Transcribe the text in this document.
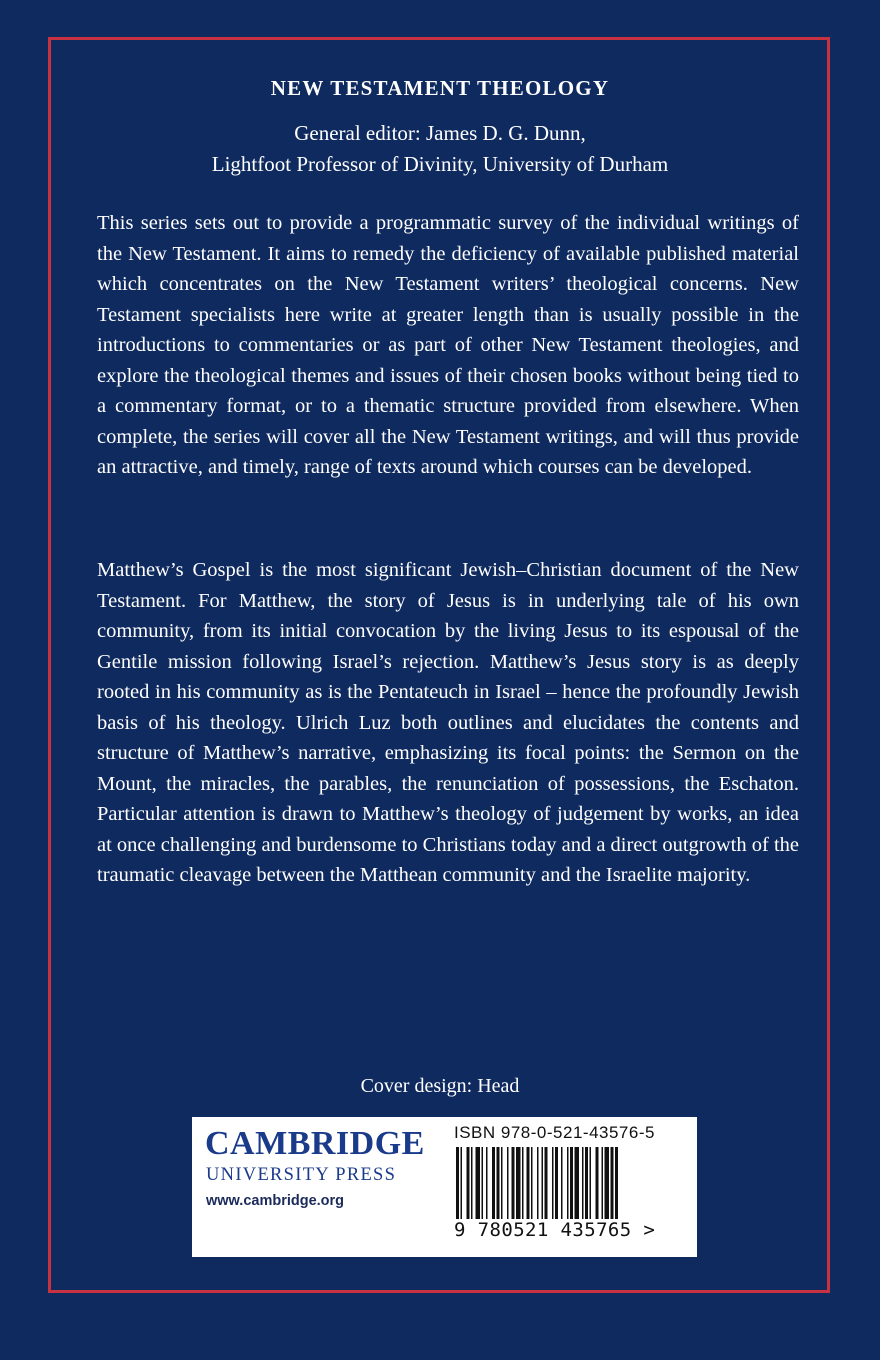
NEW TESTAMENT THEOLOGY
General editor: James D. G. Dunn,
Lightfoot Professor of Divinity, University of Durham
This series sets out to provide a programmatic survey of the individual writings of the New Testament. It aims to remedy the deficiency of available published material which concentrates on the New Testament writers’ theological concerns. New Testament specialists here write at greater length than is usually possible in the introductions to commentaries or as part of other New Testament theologies, and explore the theological themes and issues of their chosen books without being tied to a commentary format, or to a thematic structure provided from elsewhere. When complete, the series will cover all the New Testament writings, and will thus provide an attractive, and timely, range of texts around which courses can be developed.
Matthew’s Gospel is the most significant Jewish–Christian document of the New Testament. For Matthew, the story of Jesus is in underlying tale of his own community, from its initial convocation by the living Jesus to its espousal of the Gentile mission following Israel’s rejection. Matthew’s Jesus story is as deeply rooted in his community as is the Pentateuch in Israel – hence the profoundly Jewish basis of his theology. Ulrich Luz both outlines and elucidates the contents and structure of Matthew’s narrative, emphasizing its focal points: the Sermon on the Mount, the miracles, the parables, the renunciation of possessions, the Eschaton. Particular attention is drawn to Matthew’s theology of judgement by works, an idea at once challenging and burdensome to Christians today and a direct outgrowth of the traumatic cleavage between the Matthean community and the Israelite majority.
Cover design: Head
CAMBRIDGE
UNIVERSITY PRESS
www.cambridge.org
ISBN 978-0-521-43576-5
9 780521 435765 >
